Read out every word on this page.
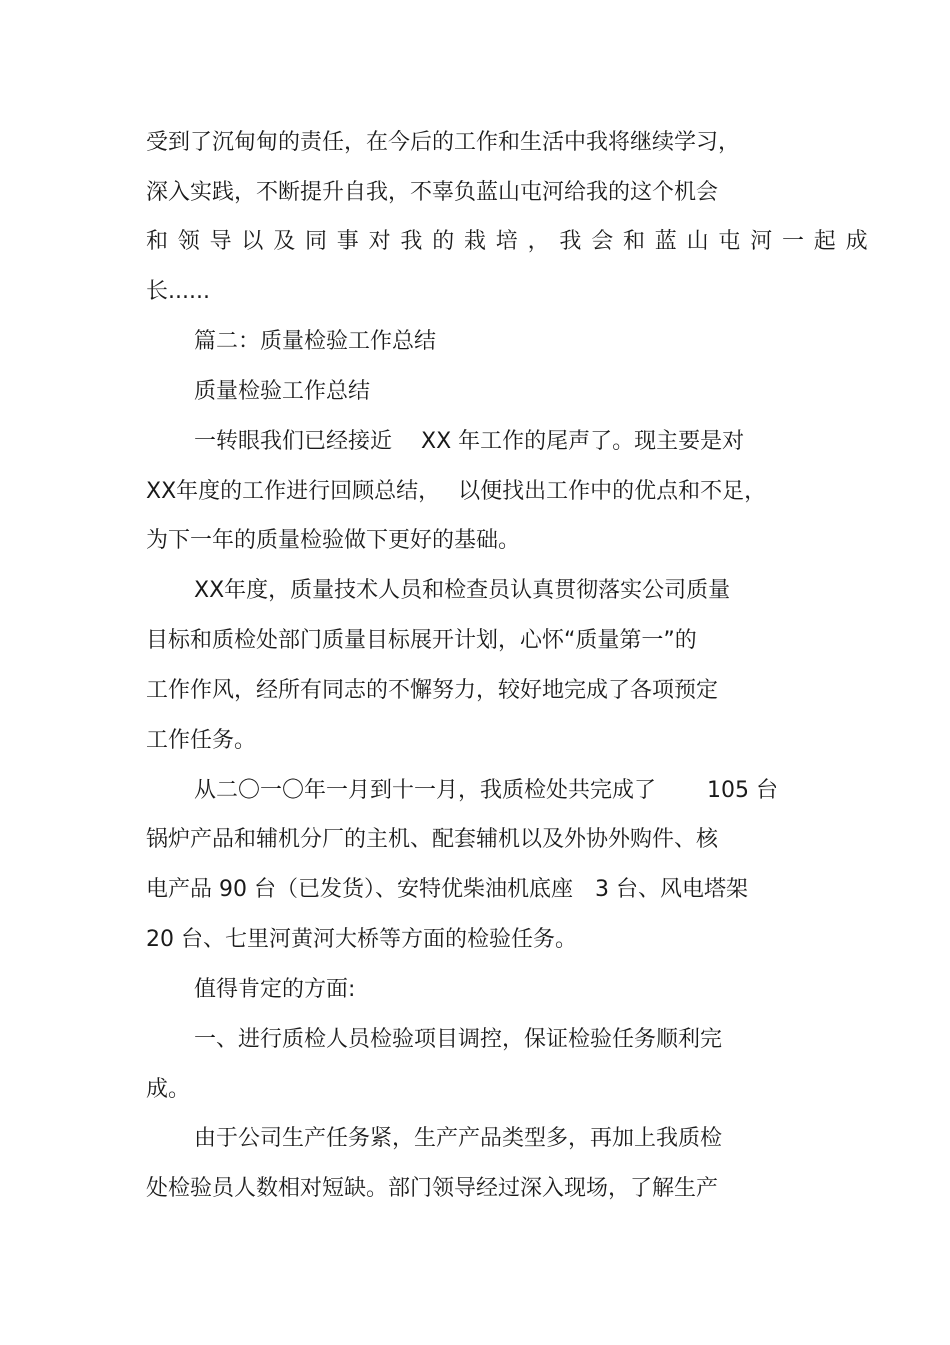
受到了沉甸甸的责任，在今后的工作和生活中我将继续学习，
深入实践，不断提升自我，不辜负蓝山屯河给我的这个机会
和领导以及同事对我的栽培，我会和蓝山屯河一起成
长......
篇二：质量检验工作总结
质量检验工作总结
一转眼我们已经接近　 XX 年工作的尾声了。现主要是对
XX年度的工作进行回顾总结，　 以便找出工作中的优点和不足，
为下一年的质量检验做下更好的基础。
XX年度，质量技术人员和检查员认真贯彻落实公司质量
目标和质检处部门质量目标展开计划，心怀“质量第一”的
工作作风，经所有同志的不懈努力，较好地完成了各项预定
工作任务。
从二〇一〇年一月到十一月，我质检处共完成了　　 105 台
锅炉产品和辅机分厂的主机、配套辅机以及外协外购件、核
电产品 90 台（已发货）、安特优柴油机底座　3 台、风电塔架
20 台、七里河黄河大桥等方面的检验任务。
值得肯定的方面:
一、进行质检人员检验项目调控，保证检验任务顺利完
成。
由于公司生产任务紧，生产产品类型多，再加上我质检
处检验员人数相对短缺。部门领导经过深入现场，了解生产
